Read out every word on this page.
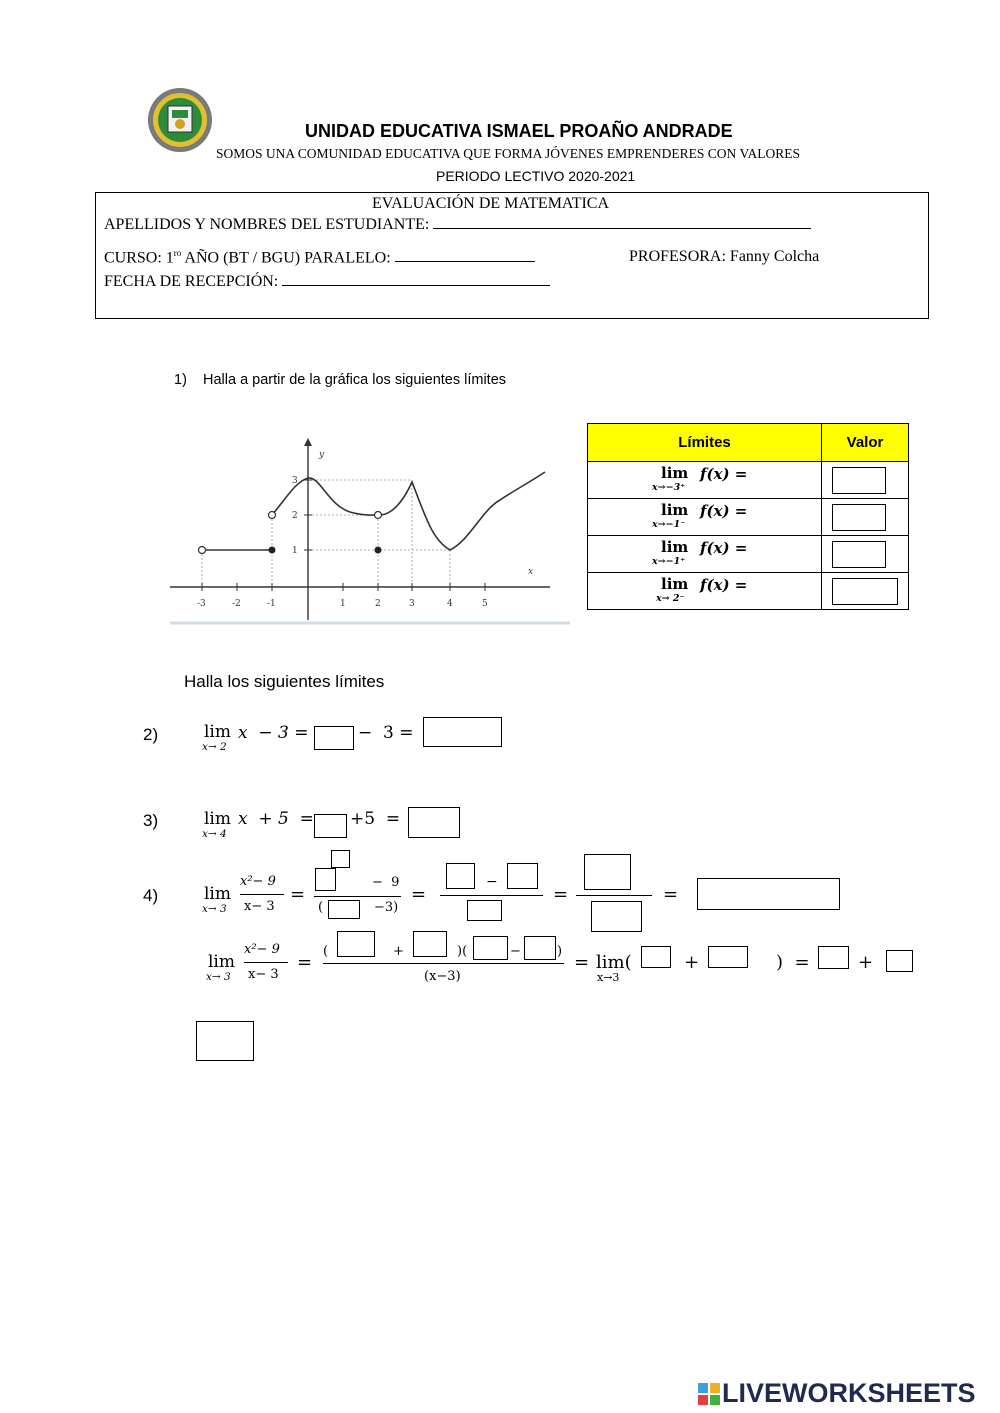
UNIDAD EDUCATIVA ISMAEL PROAÑO ANDRADE
SOMOS UNA COMUNIDAD EDUCATIVA QUE FORMA JÓVENES EMPRENDERES CON VALORES
PERIODO LECTIVO 2020-2021
EVALUACIÓN DE MATEMATICA
APELLIDOS Y NOMBRES DEL ESTUDIANTE:
CURSO: $1^{ro}$ AÑO (BT / BGU) PARALELO:	PROFESORA: Fanny Colcha
FECHA DE RECEPCIÓN:
1) Halla a partir de la gráfica los siguientes límites
-3	-2	-1	1	2	3	4	5
1
2
3
x
y
Límites	Valor

lim
x→−3⁺
f(x) =	

lim
x→−1⁻
f(x) =	

lim
x→−1⁺
f(x) =	

lim
x→ 2⁻
f(x) =	

Halla los siguientes límites
2)	lim
x→ 2
x  − 3 =	−  3 =
3)	lim
x→ 4
x  + 5  = +5  =
4)	lim
x→ 3
x²− 9
x− 3
=
−  9
(	−3)
=
−
=	=
lim
x→ 3
x²− 9
x− 3
=
(	+	)(	−	)
(x−3)
= lim(
x→3
+	)  =	+
LIVEWORKSHEETS
